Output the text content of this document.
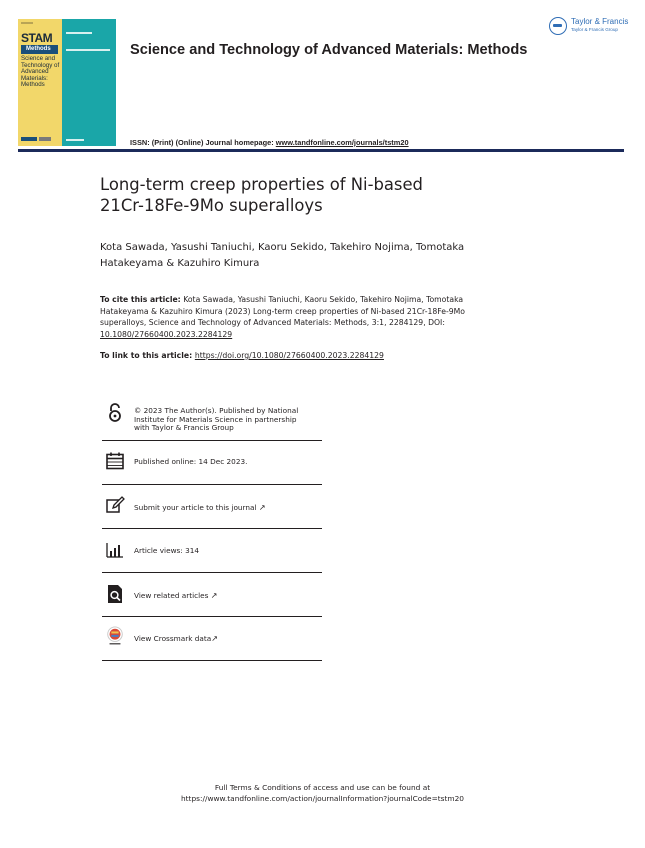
STAM
Methods
Science and
Technology of
Advanced
Materials:
Methods
Science and Technology of Advanced Materials: Methods
Taylor & Francis
Taylor & Francis Group
ISSN: (Print) (Online) Journal homepage: www.tandfonline.com/journals/tstm20
Long-term creep properties of Ni-based
21Cr-18Fe-9Mo superalloys
Kota Sawada, Yasushi Taniuchi, Kaoru Sekido, Takehiro Nojima, Tomotaka
Hatakeyama & Kazuhiro Kimura
To cite this article: Kota Sawada, Yasushi Taniuchi, Kaoru Sekido, Takehiro Nojima, Tomotaka
Hatakeyama & Kazuhiro Kimura (2023) Long-term creep properties of Ni-based 21Cr-18Fe-9Mo
superalloys, Science and Technology of Advanced Materials: Methods, 3:1, 2284129, DOI:
10.1080/27660400.2023.2284129
To link to this article: https://doi.org/10.1080/27660400.2023.2284129
© 2023 The Author(s). Published by National
Institute for Materials Science in partnership
with Taylor & Francis Group
Published online: 14 Dec 2023.
Submit your article to this journal ↗
Article views: 314
View related articles ↗
View Crossmark data↗
Full Terms & Conditions of access and use can be found at
https://www.tandfonline.com/action/journalInformation?journalCode=tstm20
